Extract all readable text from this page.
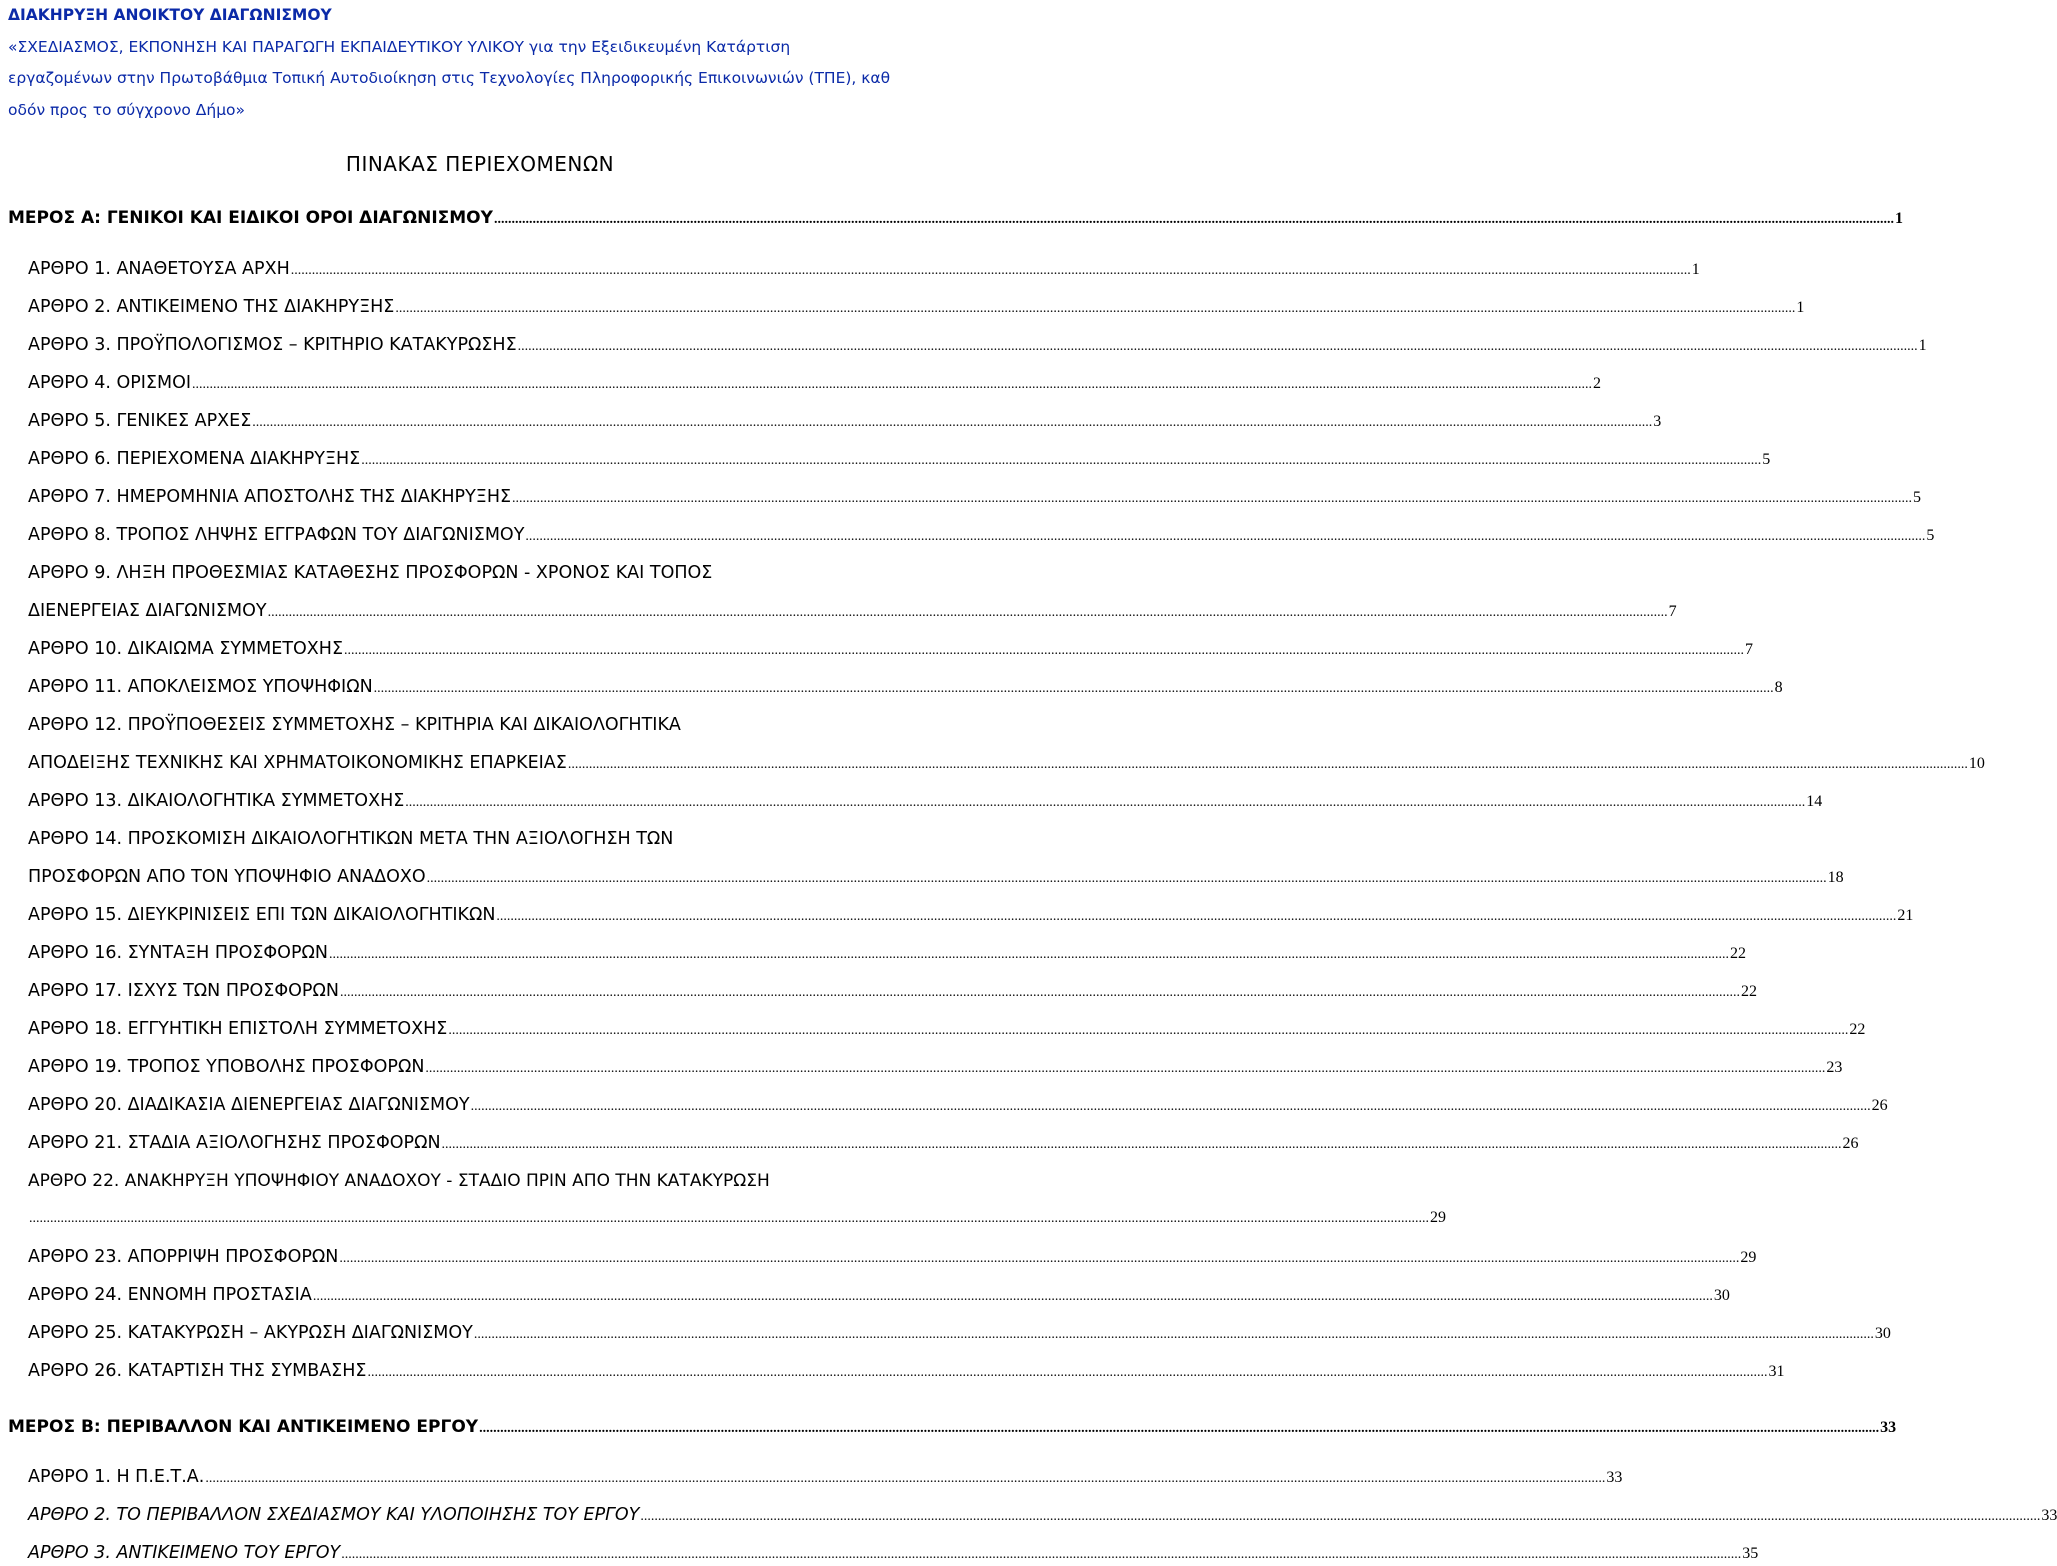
ΔΙΑΚΗΡΥΞΗ ΑΝΟΙΚΤΟΥ ΔΙΑΓΩΝΙΣΜΟΥ
«ΣΧΕΔΙΑΣΜΟΣ, ΕΚΠΟΝΗΣΗ ΚΑΙ ΠΑΡΑΓΩΓΗ ΕΚΠΑΙΔΕΥΤΙΚΟΥ ΥΛΙΚΟΥ για την Εξειδικευμένη Κατάρτιση
εργαζομένων στην Πρωτοβάθμια Τοπική Αυτοδιοίκηση στις Τεχνολογίες Πληροφορικής Επικοινωνιών (ΤΠΕ), καθ
οδόν προς το σύγχρονο Δήμο»
ΠΙΝΑΚΑΣ ΠΕΡΙΕΧΟΜΕΝΩΝ
ΜΕΡΟΣ Α: ΓΕΝΙΚΟΙ ΚΑΙ ΕΙΔΙΚΟΙ ΟΡΟΙ ΔΙΑΓΩΝΙΣΜΟΥ ................................................................................................................................................................................................................................................................................................................................................................................................................ 1
ΑΡΘΡΟ 1. ΑΝΑΘΕΤΟΥΣΑ ΑΡΧΗ ................................................................................................................................................................................................................................................................................................................................................................................................................ 1
ΑΡΘΡΟ 2. ΑΝΤΙΚΕΙΜΕΝΟ ΤΗΣ ΔΙΑΚΗΡΥΞΗΣ ................................................................................................................................................................................................................................................................................................................................................................................................................ 1
ΑΡΘΡΟ 3. ΠΡΟΫΠΟΛΟΓΙΣΜΟΣ – ΚΡΙΤΗΡΙΟ ΚΑΤΑΚΥΡΩΣΗΣ ................................................................................................................................................................................................................................................................................................................................................................................................................ 1
ΑΡΘΡΟ 4. ΟΡΙΣΜΟΙ ................................................................................................................................................................................................................................................................................................................................................................................................................ 2
ΑΡΘΡΟ 5. ΓΕΝΙΚΕΣ ΑΡΧΕΣ ................................................................................................................................................................................................................................................................................................................................................................................................................ 3
ΑΡΘΡΟ 6. ΠΕΡΙΕΧΟΜΕΝΑ ΔΙΑΚΗΡΥΞΗΣ ................................................................................................................................................................................................................................................................................................................................................................................................................ 5
ΑΡΘΡΟ 7. ΗΜΕΡΟΜΗΝΙΑ ΑΠΟΣΤΟΛΗΣ ΤΗΣ ΔΙΑΚΗΡΥΞΗΣ ................................................................................................................................................................................................................................................................................................................................................................................................................ 5
ΑΡΘΡΟ 8. ΤΡΟΠΟΣ ΛΗΨΗΣ ΕΓΓΡΑΦΩΝ ΤΟΥ ΔΙΑΓΩΝΙΣΜΟΥ ................................................................................................................................................................................................................................................................................................................................................................................................................ 5
ΑΡΘΡΟ 9. ΛΗΞΗ ΠΡΟΘΕΣΜΙΑΣ ΚΑΤΑΘΕΣΗΣ ΠΡΟΣΦΟΡΩΝ - ΧΡΟΝΟΣ ΚΑΙ ΤΟΠΟΣ
ΔΙΕΝΕΡΓΕΙΑΣ ΔΙΑΓΩΝΙΣΜΟΥ ................................................................................................................................................................................................................................................................................................................................................................................................................ 7
ΑΡΘΡΟ 10. ΔΙΚΑΙΩΜΑ ΣΥΜΜΕΤΟΧΗΣ ................................................................................................................................................................................................................................................................................................................................................................................................................ 7
ΑΡΘΡΟ 11. ΑΠΟΚΛΕΙΣΜΟΣ ΥΠΟΨΗΦΙΩΝ ................................................................................................................................................................................................................................................................................................................................................................................................................ 8
ΑΡΘΡΟ 12. ΠΡΟΫΠΟΘΕΣΕΙΣ ΣΥΜΜΕΤΟΧΗΣ – ΚΡΙΤΗΡΙΑ ΚΑΙ ΔΙΚΑΙΟΛΟΓΗΤΙΚΑ
ΑΠΟΔΕΙΞΗΣ ΤΕΧΝΙΚΗΣ ΚΑΙ ΧΡΗΜΑΤΟΙΚΟΝΟΜΙΚΗΣ ΕΠΑΡΚΕΙΑΣ ................................................................................................................................................................................................................................................................................................................................................................................................................ 10
ΑΡΘΡΟ 13. ΔΙΚΑΙΟΛΟΓΗΤΙΚΑ ΣΥΜΜΕΤΟΧΗΣ ................................................................................................................................................................................................................................................................................................................................................................................................................ 14
ΑΡΘΡΟ 14. ΠΡΟΣΚΟΜΙΣΗ ΔΙΚΑΙΟΛΟΓΗΤΙΚΩΝ ΜΕΤΑ ΤΗΝ ΑΞΙΟΛΟΓΗΣΗ ΤΩΝ
ΠΡΟΣΦΟΡΩΝ ΑΠΟ ΤΟΝ ΥΠΟΨΗΦΙΟ ΑΝΑΔΟΧΟ ................................................................................................................................................................................................................................................................................................................................................................................................................ 18
ΑΡΘΡΟ 15. ΔΙΕΥΚΡΙΝΙΣΕΙΣ ΕΠΙ ΤΩΝ ΔΙΚΑΙΟΛΟΓΗΤΙΚΩΝ ................................................................................................................................................................................................................................................................................................................................................................................................................ 21
ΑΡΘΡΟ 16. ΣΥΝΤΑΞΗ ΠΡΟΣΦΟΡΩΝ ................................................................................................................................................................................................................................................................................................................................................................................................................ 22
ΑΡΘΡΟ 17. ΙΣΧΥΣ ΤΩΝ ΠΡΟΣΦΟΡΩΝ ................................................................................................................................................................................................................................................................................................................................................................................................................ 22
ΑΡΘΡΟ 18. ΕΓΓΥΗΤΙΚΗ ΕΠΙΣΤΟΛΗ ΣΥΜΜΕΤΟΧΗΣ ................................................................................................................................................................................................................................................................................................................................................................................................................ 22
ΑΡΘΡΟ 19. ΤΡΟΠΟΣ ΥΠΟΒΟΛΗΣ ΠΡΟΣΦΟΡΩΝ ................................................................................................................................................................................................................................................................................................................................................................................................................ 23
ΑΡΘΡΟ 20. ΔΙΑΔΙΚΑΣΙΑ ΔΙΕΝΕΡΓΕΙΑΣ ΔΙΑΓΩΝΙΣΜΟΥ ................................................................................................................................................................................................................................................................................................................................................................................................................ 26
ΑΡΘΡΟ 21. ΣΤΑΔΙΑ ΑΞΙΟΛΟΓΗΣΗΣ ΠΡΟΣΦΟΡΩΝ ................................................................................................................................................................................................................................................................................................................................................................................................................ 26
ΑΡΘΡΟ 22. ΑΝΑΚΗΡΥΞΗ ΥΠΟΨΗΦΙΟΥ ΑΝΑΔΟΧΟΥ - ΣΤΑΔΙΟ ΠΡΙΝ ΑΠΟ ΤΗΝ ΚΑΤΑΚΥΡΩΣΗ
................................................................................................................................................................................................................................................................................................................................................................................................................ 29
ΑΡΘΡΟ 23. ΑΠΟΡΡΙΨΗ ΠΡΟΣΦΟΡΩΝ ................................................................................................................................................................................................................................................................................................................................................................................................................ 29
ΑΡΘΡΟ 24. ΕΝΝΟΜΗ ΠΡΟΣΤΑΣΙΑ ................................................................................................................................................................................................................................................................................................................................................................................................................ 30
ΑΡΘΡΟ 25. ΚΑΤΑΚΥΡΩΣΗ – ΑΚΥΡΩΣΗ ΔΙΑΓΩΝΙΣΜΟΥ ................................................................................................................................................................................................................................................................................................................................................................................................................ 30
ΑΡΘΡΟ 26. ΚΑΤΑΡΤΙΣΗ ΤΗΣ ΣΥΜΒΑΣΗΣ ................................................................................................................................................................................................................................................................................................................................................................................................................ 31
ΜΕΡΟΣ Β: ΠΕΡΙΒΑΛΛΟΝ ΚΑΙ ΑΝΤΙΚΕΙΜΕΝΟ ΕΡΓΟΥ ................................................................................................................................................................................................................................................................................................................................................................................................................ 33
ΑΡΘΡΟ 1. Η Π.Ε.Τ.Α. ................................................................................................................................................................................................................................................................................................................................................................................................................ 33
ΑΡΘΡΟ 2. ΤΟ ΠΕΡΙΒΑΛΛΟΝ ΣΧΕΔΙΑΣΜΟΥ ΚΑΙ ΥΛΟΠΟΙΗΣΗΣ ΤΟΥ ΕΡΓΟΥ ................................................................................................................................................................................................................................................................................................................................................................................................................ 33
ΑΡΘΡΟ 3. ΑΝΤΙΚΕΙΜΕΝΟ ΤΟΥ ΕΡΓΟΥ ................................................................................................................................................................................................................................................................................................................................................................................................................ 35
